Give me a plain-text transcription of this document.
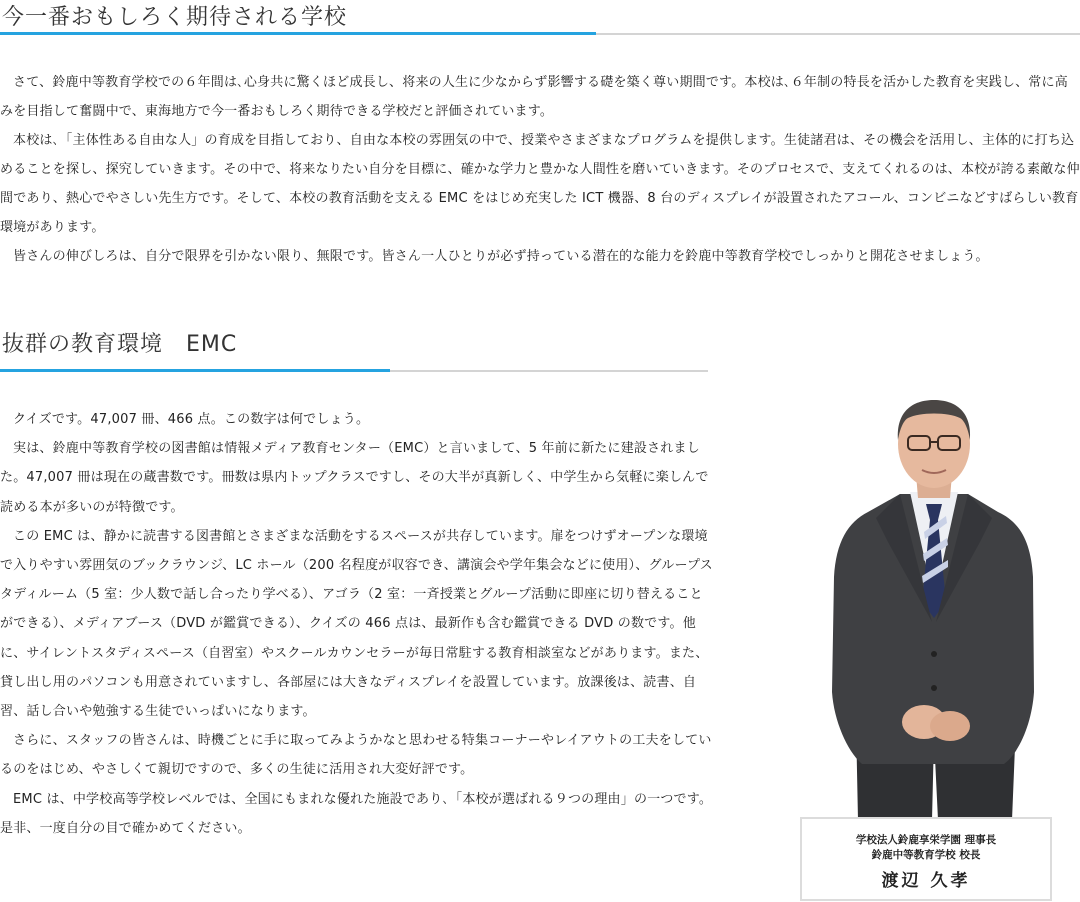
今一番おもしろく期待される学校

さて、鈴鹿中等教育学校での６年間は､心身共に驚くほど成長し、将来の人生に少なからず影響する礎を築く尊い期間です。本校は､６年制の特長を活かした教育を実践し、常に高みを目指して奮闘中で、東海地方で今一番おもしろく期待できる学校だと評価されています。

本校は､「主体性ある自由な人」の育成を目指しており、自由な本校の雰囲気の中で、授業やさまざまなプログラムを提供します。生徒諸君は、その機会を活用し、主体的に打ち込めることを探し、探究していきます。その中で、将来なりたい自分を目標に、確かな学力と豊かな人間性を磨いていきます。そのプロセスで、支えてくれるのは、本校が誇る素敵な仲間であり、熱心でやさしい先生方です。そして、本校の教育活動を支える EMC をはじめ充実した ICT 機器、8 台のディスプレイが設置されたアコール、コンビニなどすばらしい教育環境があります。

皆さんの伸びしろは、自分で限界を引かない限り、無限です。皆さん一人ひとりが必ず持っている潜在的な能力を鈴鹿中等教育学校でしっかりと開花させましょう。

抜群の教育環境　EMC

クイズです。47,007 冊、466 点。この数字は何でしょう。

実は、鈴鹿中等教育学校の図書館は情報メディア教育センター（EMC）と言いまして、5 年前に新たに建設されました。47,007 冊は現在の蔵書数です。冊数は県内トップクラスですし、その大半が真新しく、中学生から気軽に楽しんで読める本が多いのが特徴です。

この EMC は、静かに読書する図書館とさまざまな活動をするスペースが共存しています。扉をつけずオープンな環境で入りやすい雰囲気のブックラウンジ、LC ホール（200 名程度が収容でき、講演会や学年集会などに使用）、グループスタディルーム（5 室：少人数で話し合ったり学べる）、アゴラ（2 室：一斉授業とグループ活動に即座に切り替えることができる）、メディアブース（DVD が鑑賞できる）、クイズの 466 点は、最新作も含む鑑賞できる DVD の数です。他に、サイレントスタディスペース（自習室）やスクールカウンセラーが毎日常駐する教育相談室などがあります。また、貸し出し用のパソコンも用意されていますし、各部屋には大きなディスプレイを設置しています。放課後は、読書、自習、話し合いや勉強する生徒でいっぱいになります。

さらに、スタッフの皆さんは、時機ごとに手に取ってみようかなと思わせる特集コーナーやレイアウトの工夫をしているのをはじめ、やさしくて親切ですので、多くの生徒に活用され大変好評です。

EMC は、中学校高等学校レベルでは、全国にもまれな優れた施設であり､「本校が選ばれる９つの理由」の一つです。是非、一度自分の目で確かめてください。

学校法人鈴鹿享栄学園 理事長
鈴鹿中等教育学校 校長
渡辺 久孝
